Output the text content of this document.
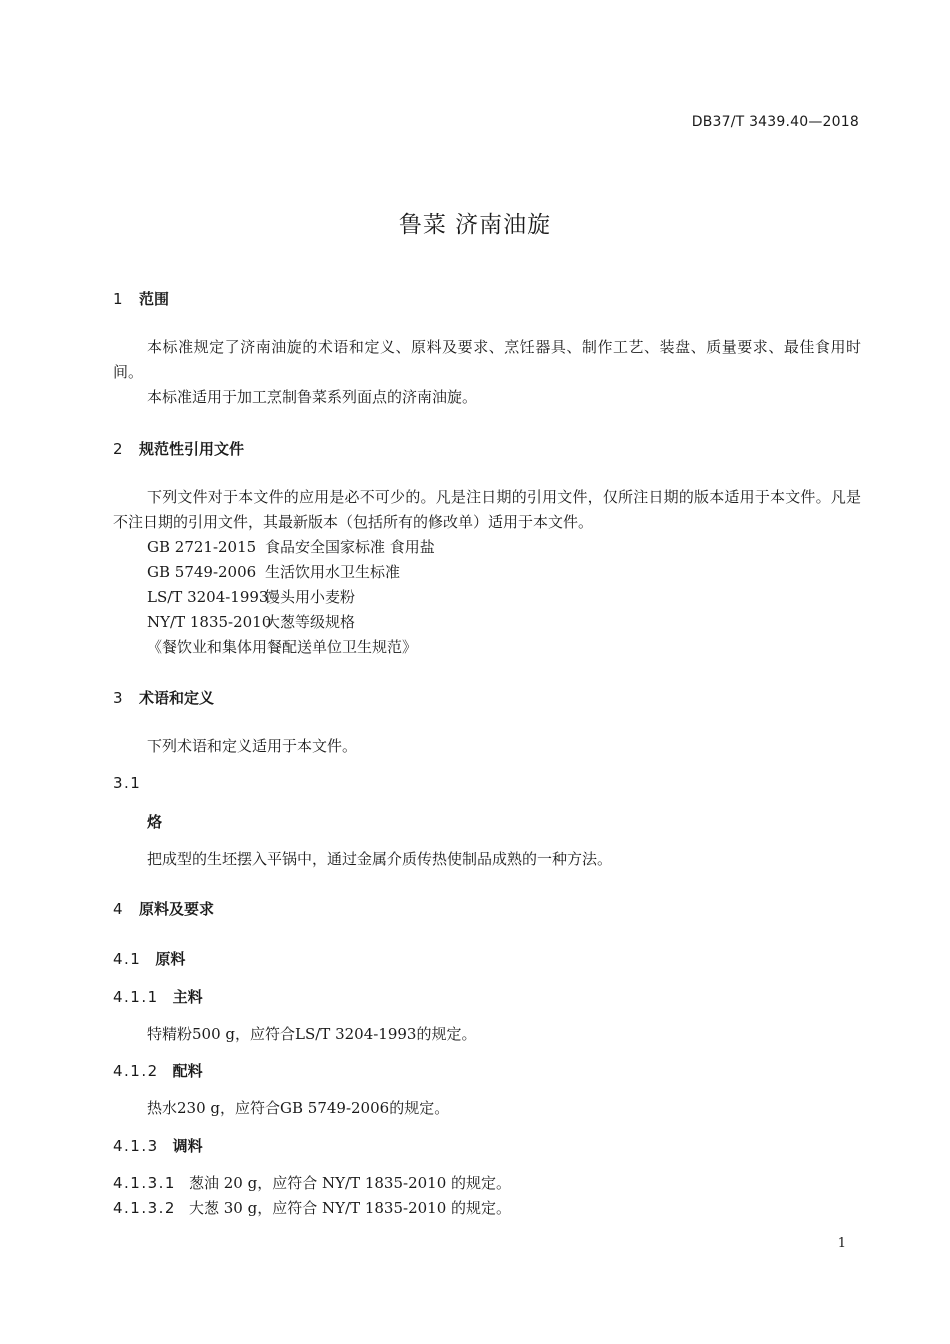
DB37/T 3439.40—2018
鲁菜 济南油旋
1 范围
本标准规定了济南油旋的术语和定义、原料及要求、烹饪器具、制作工艺、装盘、质量要求、最佳食用时间。
本标准适用于加工烹制鲁菜系列面点的济南油旋。
2 规范性引用文件
下列文件对于本文件的应用是必不可少的。凡是注日期的引用文件，仅所注日期的版本适用于本文件。凡是不注日期的引用文件，其最新版本（包括所有的修改单）适用于本文件。
GB 2721-2015 食品安全国家标准 食用盐
GB 5749-2006 生活饮用水卫生标准
LS/T 3204-1993馒头用小麦粉
NY/T 1835-2010大葱等级规格
《餐饮业和集体用餐配送单位卫生规范》
3 术语和定义
下列术语和定义适用于本文件。
3.1
烙
把成型的生坯摆入平锅中，通过金属介质传热使制品成熟的一种方法。
4 原料及要求
4.1 原料
4.1.1 主料
特精粉500 g，应符合LS/T 3204-1993的规定。
4.1.2 配料
热水230 g，应符合GB 5749-2006的规定。
4.1.3 调料
4.1.3.1 葱油 20 g，应符合 NY/T 1835-2010 的规定。
4.1.3.2 大葱 30 g，应符合 NY/T 1835-2010 的规定。
1
